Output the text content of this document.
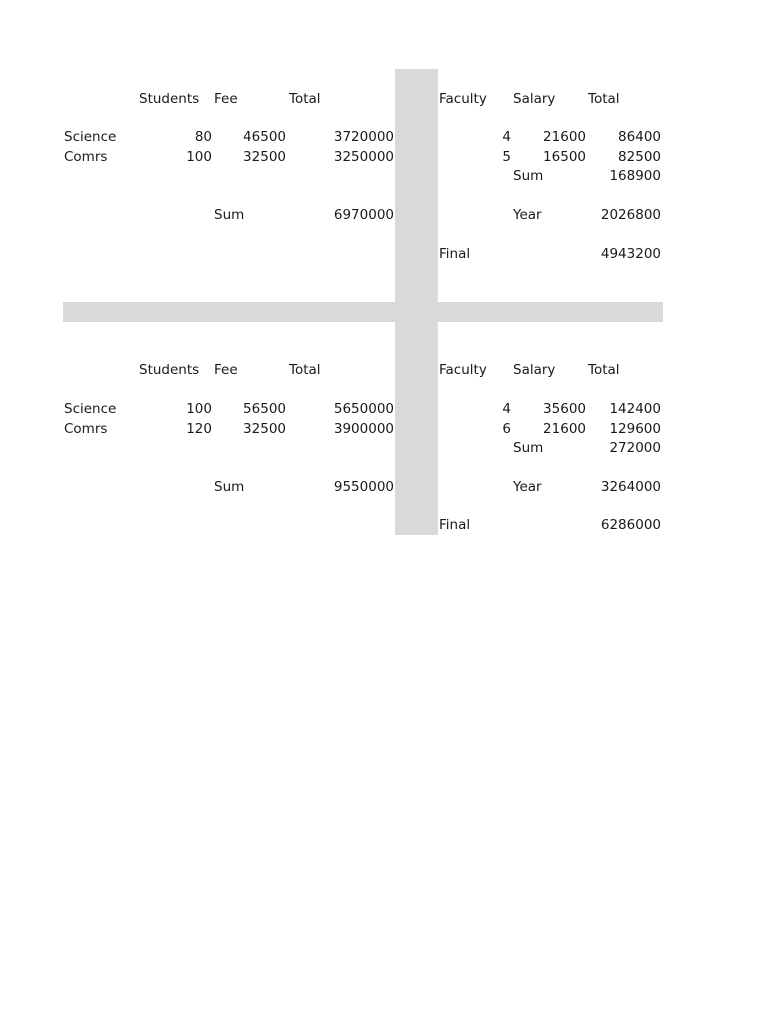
Students Fee	Total
Science	80	46500	3720000
Comrs	100	32500	3250000
Sum	6970000
Faculty Salary Total
4	21600	86400
5	16500	82500
Sum	168900
Year	2026800
Final	4943200
Students Fee	Total
Science	100	56500	5650000
Comrs	120	32500	3900000
Sum	9550000
Faculty Salary Total
4	35600	142400
6	21600	129600
Sum	272000
Year	3264000
Final	6286000
